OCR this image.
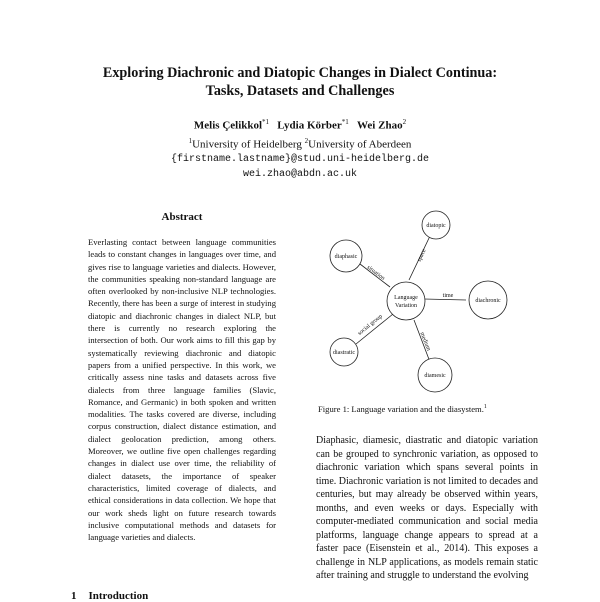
Exploring Diachronic and Diatopic Changes in Dialect Continua:
Tasks, Datasets and Challenges
Melis Çelikkol$^{*1}$ Lydia Körber$^{*1}$ Wei Zhao$^2$
$^1$University of Heidelberg $^2$University of Aberdeen
{firstname.lastname}@stud.uni-heidelberg.de
wei.zhao@abdn.ac.uk
Abstract
Everlasting contact between language communities leads to constant changes in languages over time, and gives rise to language varieties and dialects. However, the communities speaking non-standard language are often overlooked by non-inclusive NLP technologies. Recently, there has been a surge of interest in studying diatopic and diachronic changes in dialect NLP, but there is currently no research exploring the intersection of both. Our work aims to fill this gap by systematically reviewing diachronic and diatopic papers from a unified perspective. In this work, we critically assess nine tasks and datasets across five dialects from three language families (Slavic, Romance, and Germanic) in both spoken and written modalities. The tasks covered are diverse, including corpus construction, dialect distance estimation, and dialect geolocation prediction, among others. Moreover, we outline five open challenges regarding changes in dialect use over time, the reliability of dialect datasets, the importance of speaker characteristics, limited coverage of dialects, and ethical considerations in data collection. We hope that our work sheds light on future research towards inclusive computational methods and datasets for language varieties and dialects.
Language
Variation
diaphasic
diatopic
diachronic
diastratic
diamesic
situation
space
time
social group
medium
Figure 1: Language variation and the diasystem.$^1$
Diaphasic, diamesic, diastratic and diatopic variation can be grouped to synchronic variation, as opposed to diachronic variation which spans several points in time. Diachronic variation is not limited to decades and centuries, but may already be observed within years, months, and even weeks or days. Especially with computer-mediated communication and social media platforms, language change appears to spread at a faster pace (Eisenstein et al., 2014). This exposes a challenge in NLP applications, as models remain static after training and struggle to understand the evolving
1 Introduction
